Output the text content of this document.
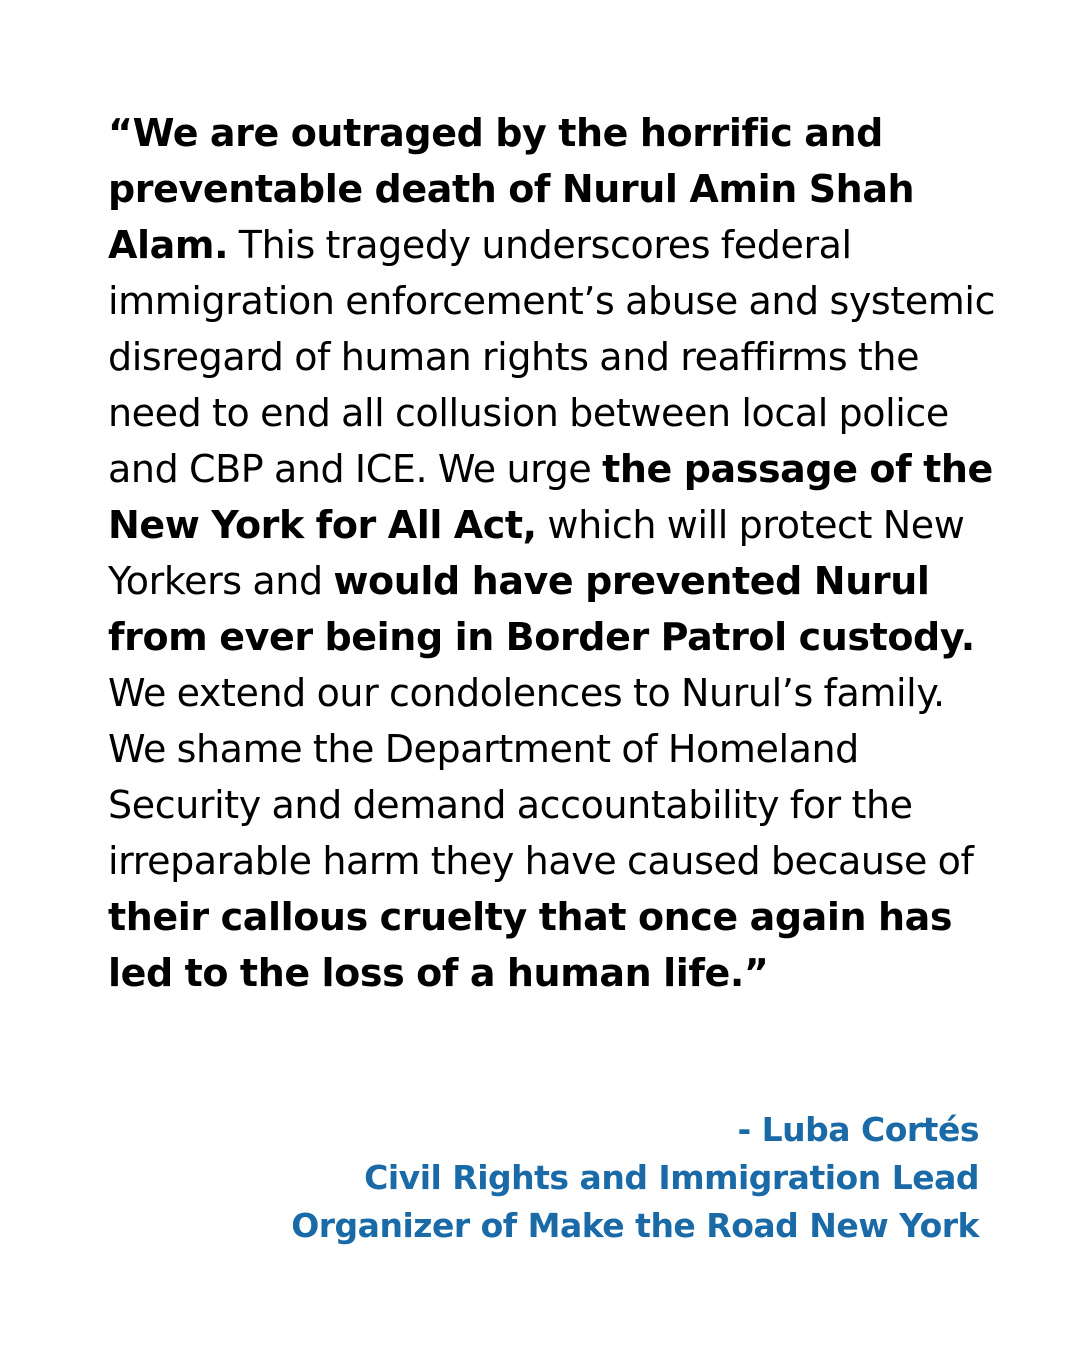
“We are outraged by the horrific and preventable death of Nurul Amin Shah Alam. This tragedy underscores federal immigration enforcement’s abuse and systemic disregard of human rights and reaffirms the need to end all collusion between local police and CBP and ICE. We urge the passage of the New York for All Act, which will protect New Yorkers and would have prevented Nurul from ever being in Border Patrol custody. We extend our condolences to Nurul’s family. We shame the Department of Homeland Security and demand accountability for the irreparable harm they have caused because of their callous cruelty that once again has led to the loss of a human life.”

- Luba Cortés
Civil Rights and Immigration Lead
Organizer of Make the Road New York
